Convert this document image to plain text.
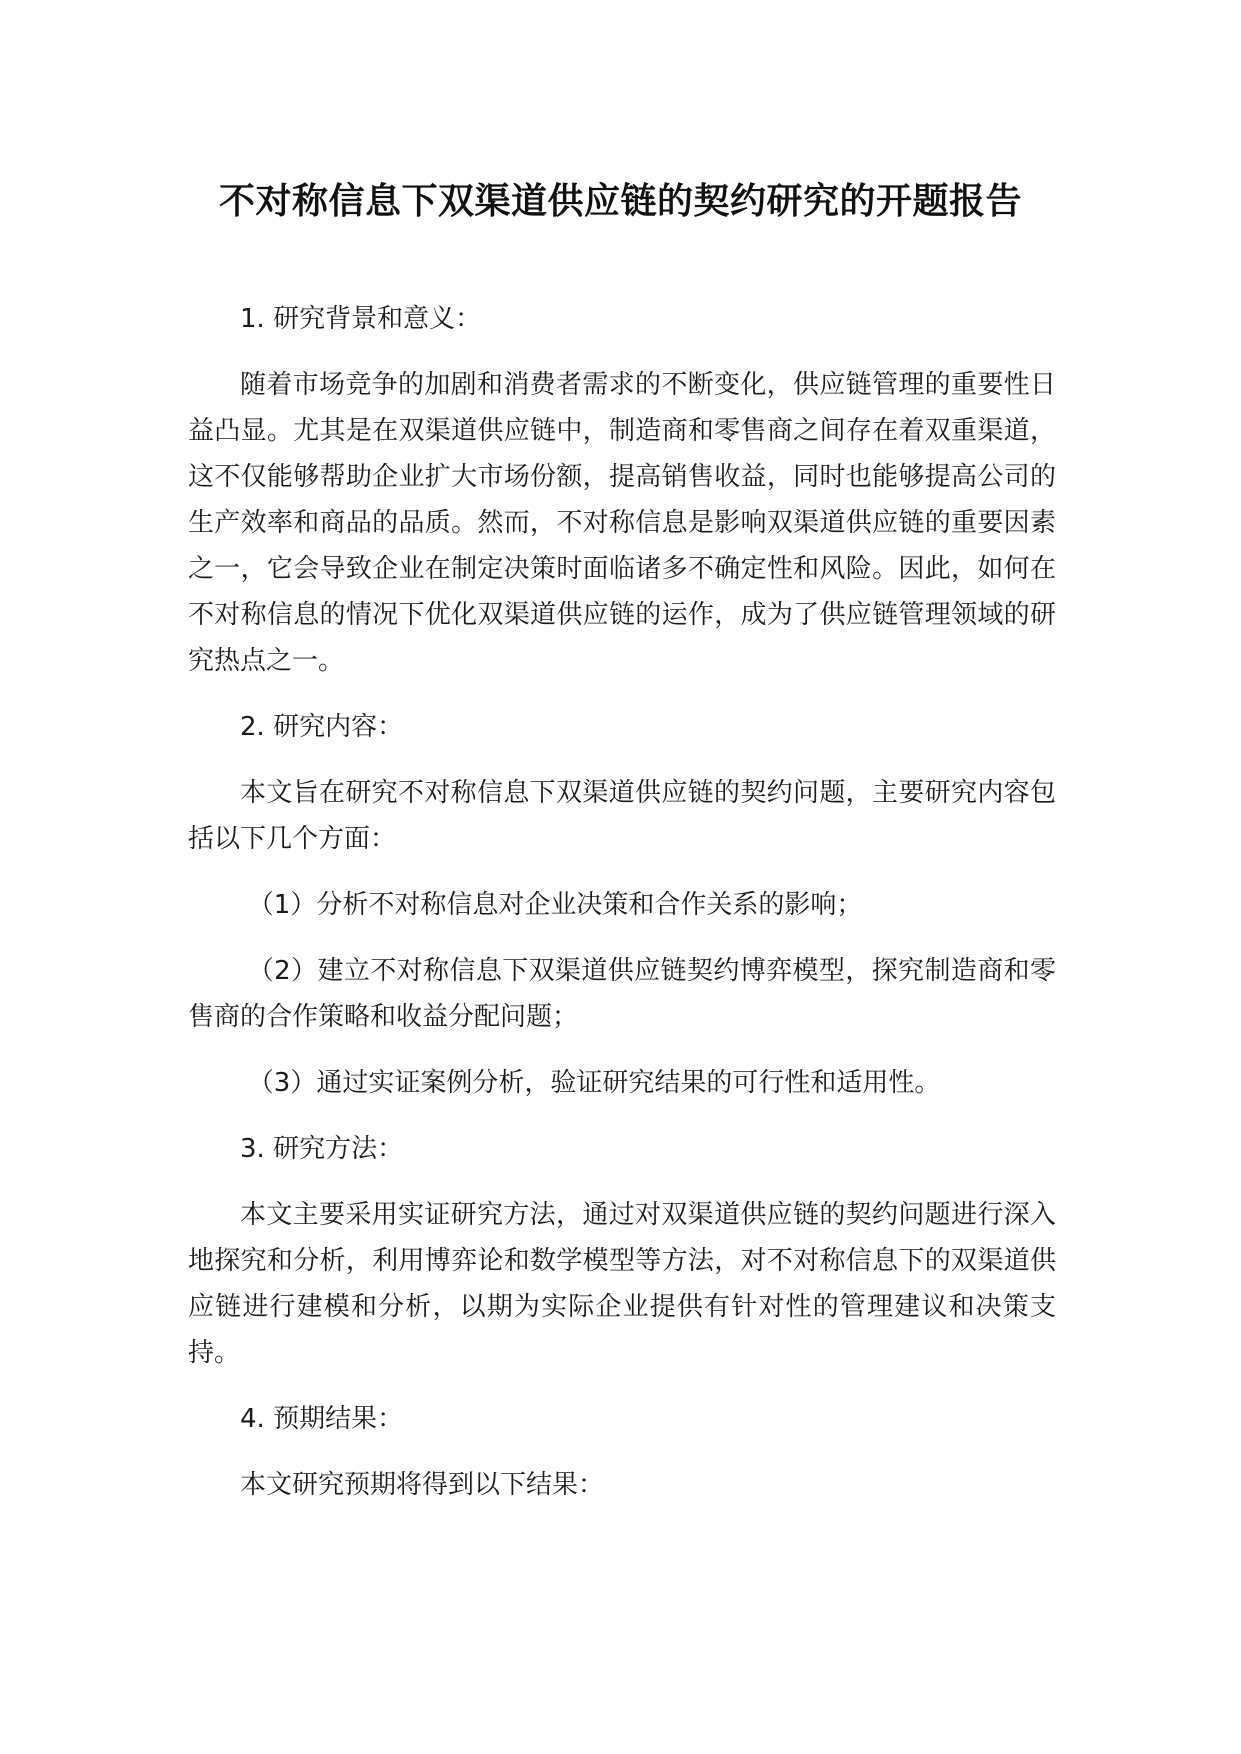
不对称信息下双渠道供应链的契约研究的开题报告

1. 研究背景和意义：

随着市场竞争的加剧和消费者需求的不断变化，供应链管理的重要性日益凸显。尤其是在双渠道供应链中，制造商和零售商之间存在着双重渠道，这不仅能够帮助企业扩大市场份额，提高销售收益，同时也能够提高公司的生产效率和商品的品质。然而，不对称信息是影响双渠道供应链的重要因素之一，它会导致企业在制定决策时面临诸多不确定性和风险。因此，如何在不对称信息的情况下优化双渠道供应链的运作，成为了供应链管理领域的研究热点之一。

2. 研究内容：

本文旨在研究不对称信息下双渠道供应链的契约问题，主要研究内容包括以下几个方面：

（1）分析不对称信息对企业决策和合作关系的影响；

（2）建立不对称信息下双渠道供应链契约博弈模型，探究制造商和零售商的合作策略和收益分配问题；

（3）通过实证案例分析，验证研究结果的可行性和适用性。

3. 研究方法：

本文主要采用实证研究方法，通过对双渠道供应链的契约问题进行深入地探究和分析，利用博弈论和数学模型等方法，对不对称信息下的双渠道供应链进行建模和分析，以期为实际企业提供有针对性的管理建议和决策支持。

4. 预期结果：

本文研究预期将得到以下结果：
